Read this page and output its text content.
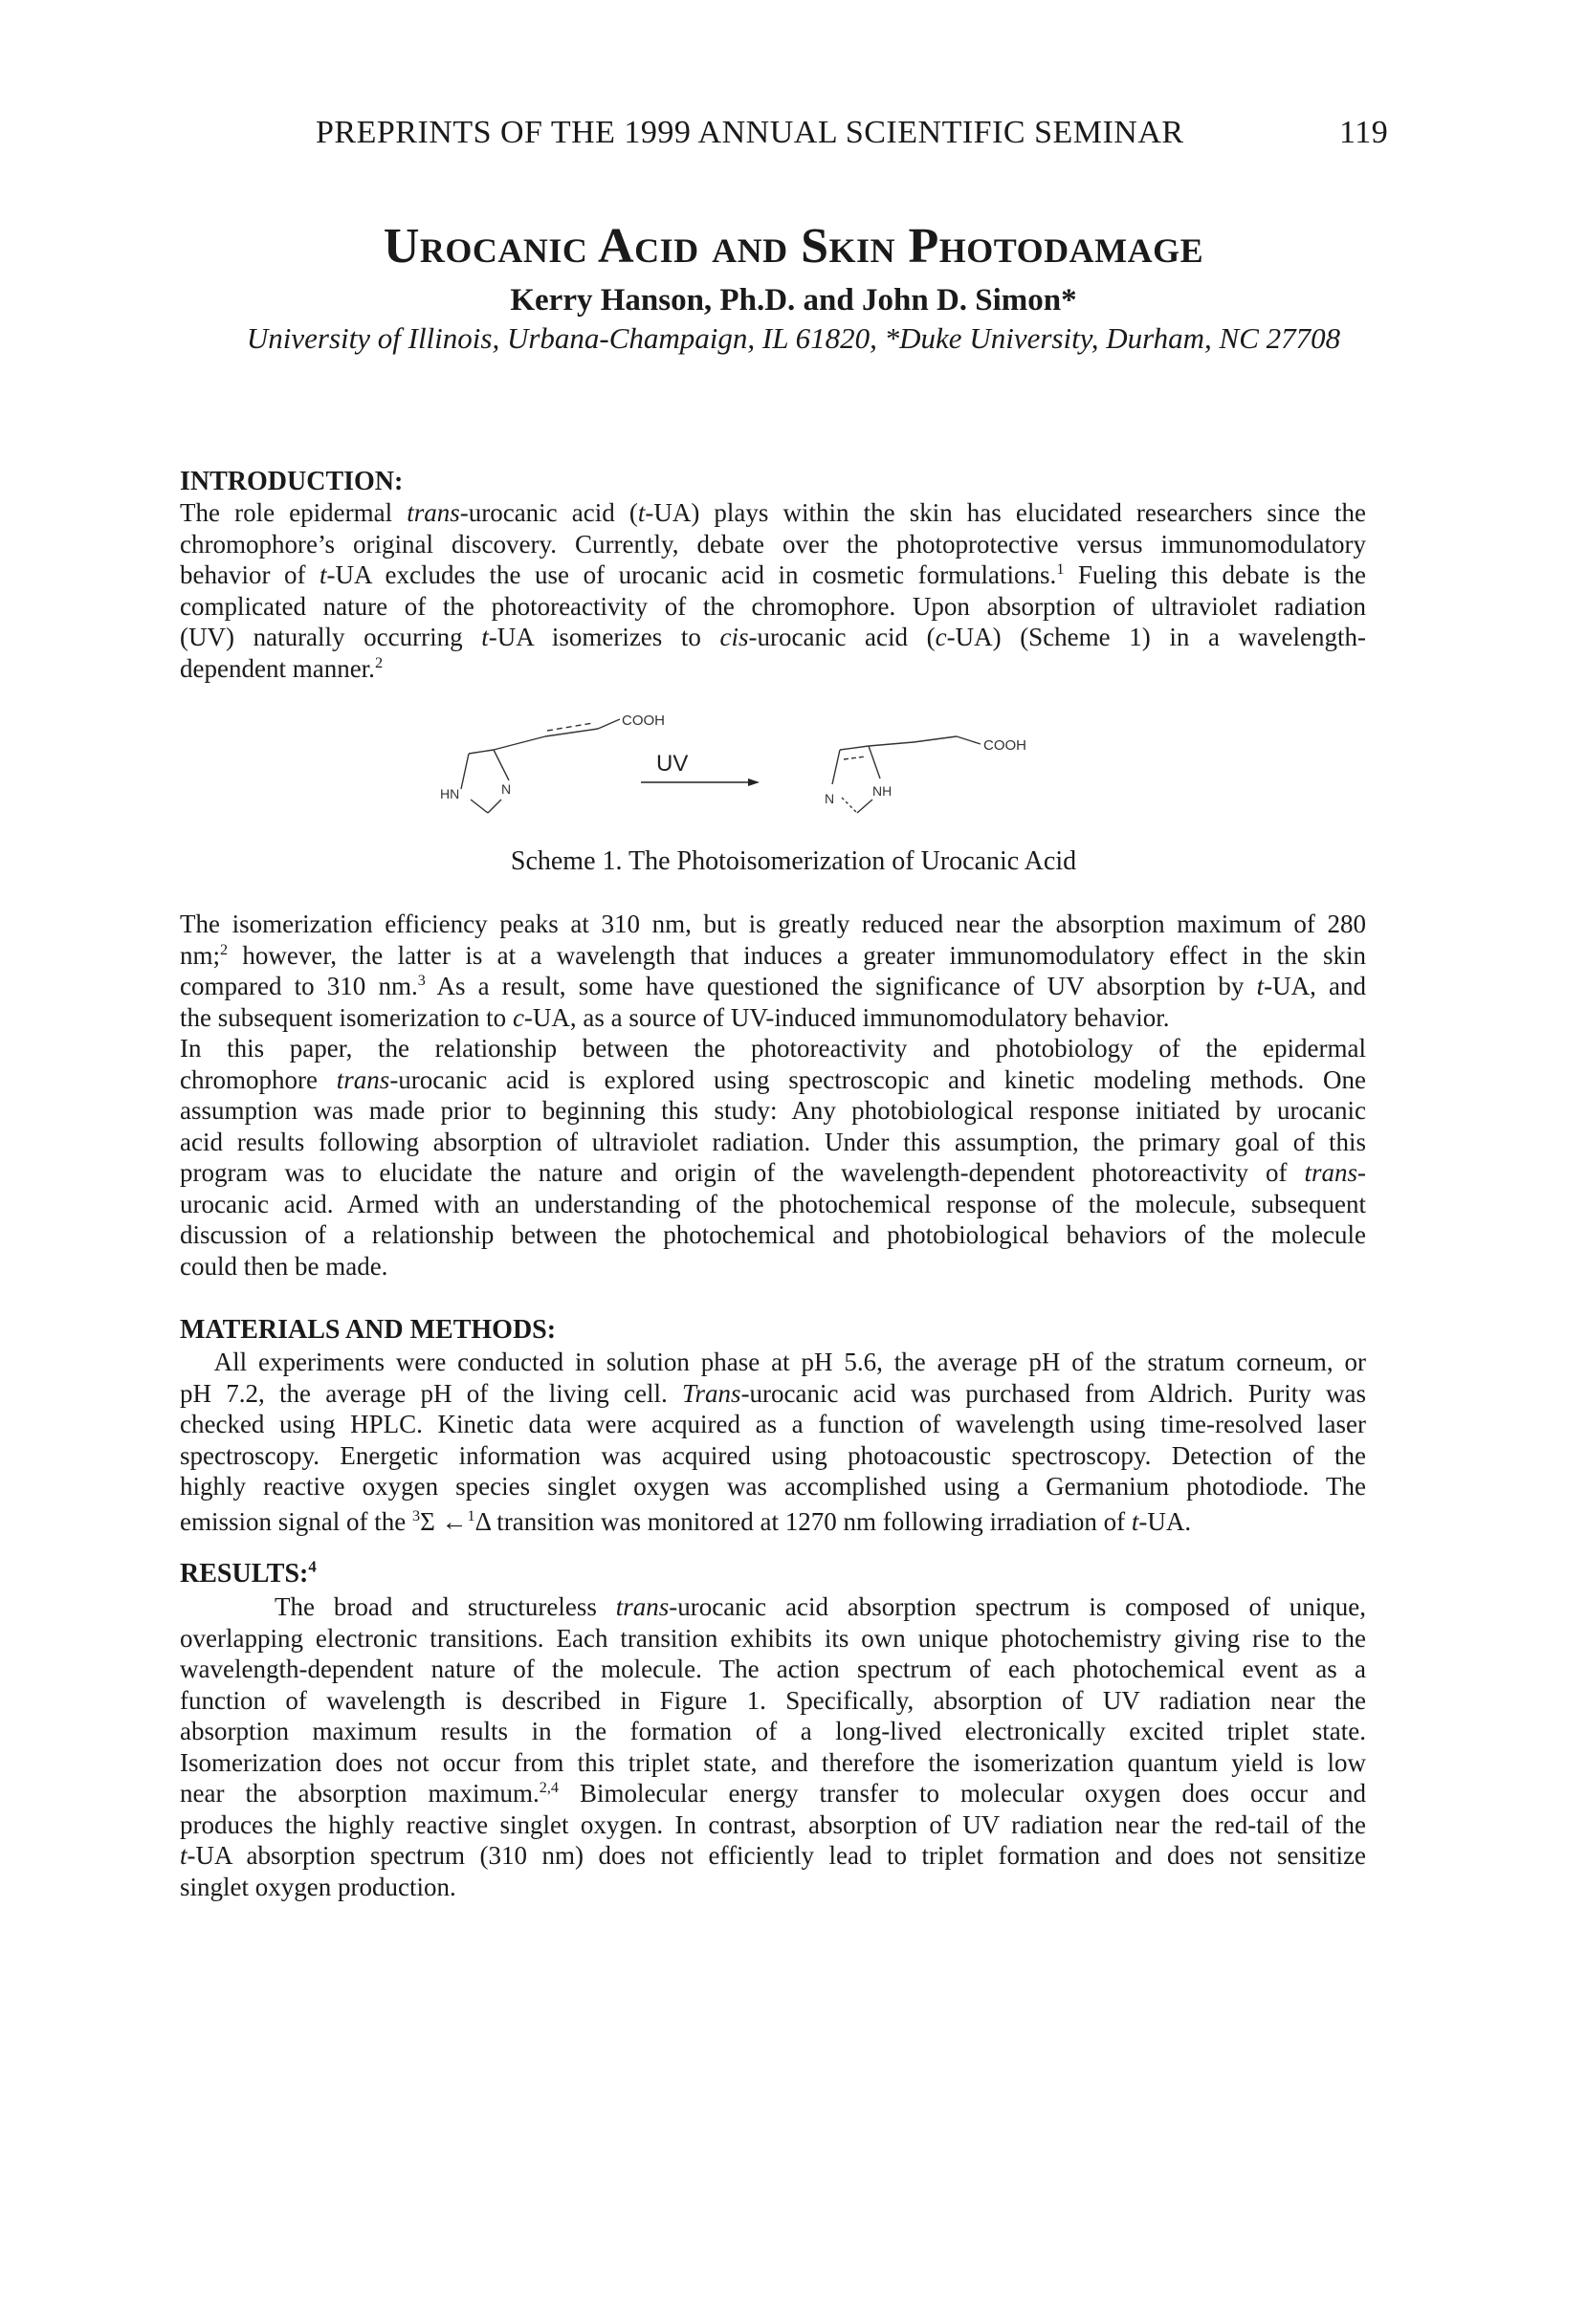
PREPRINTS OF THE 1999 ANNUAL SCIENTIFIC SEMINAR	119
Urocanic Acid and Skin Photodamage
Kerry Hanson, Ph.D. and John D. Simon*
University of Illinois, Urbana-Champaign, IL 61820, *Duke University, Durham, NC 27708
INTRODUCTION:
The role epidermal trans-urocanic acid (t-UA) plays within the skin has elucidated researchers since the
chromophore’s original discovery. Currently, debate over the photoprotective versus immunomodulatory
behavior of t-UA excludes the use of urocanic acid in cosmetic formulations.$^1$ Fueling this debate is the
complicated nature of the photoreactivity of the chromophore. Upon absorption of ultraviolet radiation
(UV) naturally occurring t-UA isomerizes to cis-urocanic acid (c-UA) (Scheme 1) in a wavelength-
dependent manner.$^2$
COOH
HN	N
UV
COOH
N	NH
Scheme 1. The Photoisomerization of Urocanic Acid
The isomerization efficiency peaks at 310 nm, but is greatly reduced near the absorption maximum of 280
nm;$^2$ however, the latter is at a wavelength that induces a greater immunomodulatory effect in the skin
compared to 310 nm.$^3$ As a result, some have questioned the significance of UV absorption by t-UA, and
the subsequent isomerization to c-UA, as a source of UV-induced immunomodulatory behavior.
In this paper, the relationship between the photoreactivity and photobiology of the epidermal
chromophore trans-urocanic acid is explored using spectroscopic and kinetic modeling methods. One
assumption was made prior to beginning this study: Any photobiological response initiated by urocanic
acid results following absorption of ultraviolet radiation. Under this assumption, the primary goal of this
program was to elucidate the nature and origin of the wavelength-dependent photoreactivity of trans-
urocanic acid. Armed with an understanding of the photochemical response of the molecule, subsequent
discussion of a relationship between the photochemical and photobiological behaviors of the molecule
could then be made.
MATERIALS AND METHODS:
All experiments were conducted in solution phase at pH 5.6, the average pH of the stratum corneum, or
pH 7.2, the average pH of the living cell. Trans-urocanic acid was purchased from Aldrich. Purity was
checked using HPLC. Kinetic data were acquired as a function of wavelength using time-resolved laser
spectroscopy. Energetic information was acquired using photoacoustic spectroscopy. Detection of the
highly reactive oxygen species singlet oxygen was accomplished using a Germanium photodiode. The
emission signal of the $^3$Σ ←$^1$Δ transition was monitored at 1270 nm following irradiation of t-UA.
RESULTS:$^4$
The broad and structureless trans-urocanic acid absorption spectrum is composed of unique,
overlapping electronic transitions. Each transition exhibits its own unique photochemistry giving rise to the
wavelength-dependent nature of the molecule. The action spectrum of each photochemical event as a
function of wavelength is described in Figure 1. Specifically, absorption of UV radiation near the
absorption maximum results in the formation of a long-lived electronically excited triplet state.
Isomerization does not occur from this triplet state, and therefore the isomerization quantum yield is low
near the absorption maximum.$^{2,4}$ Bimolecular energy transfer to molecular oxygen does occur and
produces the highly reactive singlet oxygen. In contrast, absorption of UV radiation near the red-tail of the
t-UA absorption spectrum (310 nm) does not efficiently lead to triplet formation and does not sensitize
singlet oxygen production.
